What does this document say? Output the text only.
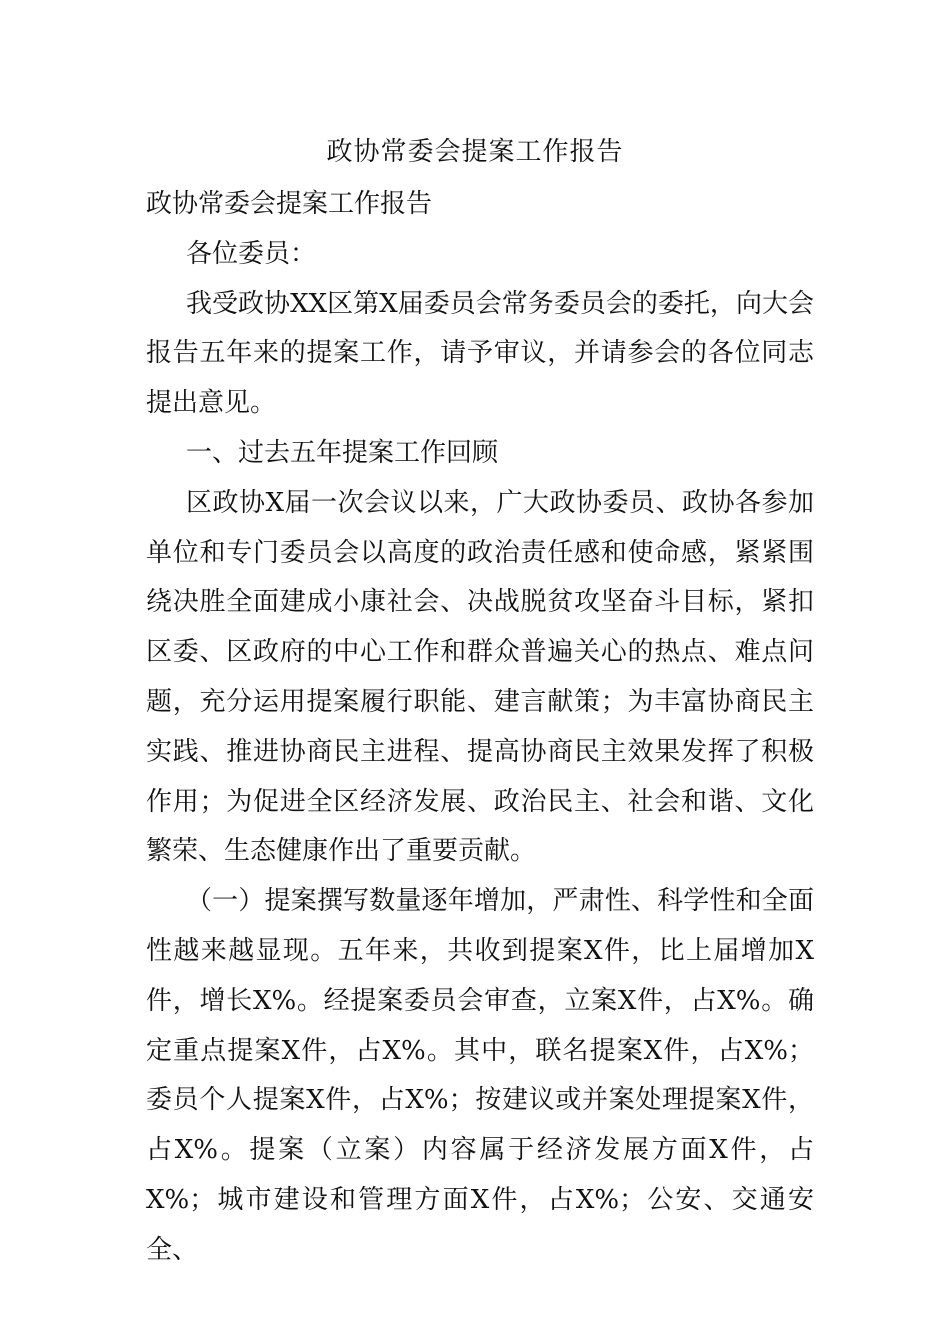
政协常委会提案工作报告

政协常委会提案工作报告

各位委员：

我受政协XX区第X届委员会常务委员会的委托，向大会报告五年来的提案工作，请予审议，并请参会的各位同志提出意见。

一、过去五年提案工作回顾

区政协X届一次会议以来，广大政协委员、政协各参加单位和专门委员会以高度的政治责任感和使命感，紧紧围绕决胜全面建成小康社会、决战脱贫攻坚奋斗目标，紧扣区委、区政府的中心工作和群众普遍关心的热点、难点问题，充分运用提案履行职能、建言献策；为丰富协商民主实践、推进协商民主进程、提高协商民主效果发挥了积极作用；为促进全区经济发展、政治民主、社会和谐、文化繁荣、生态健康作出了重要贡献。

（一）提案撰写数量逐年增加，严肃性、科学性和全面性越来越显现。五年来，共收到提案X件，比上届增加X件，增长X%。经提案委员会审查，立案X件，占X%。确定重点提案X件，占X%。其中，联名提案X件，占X%；委员个人提案X件，占X%；按建议或并案处理提案X件，占X%。提案（立案）内容属于经济发展方面X件，占X%；城市建设和管理方面X件，占X%；公安、交通安全、
